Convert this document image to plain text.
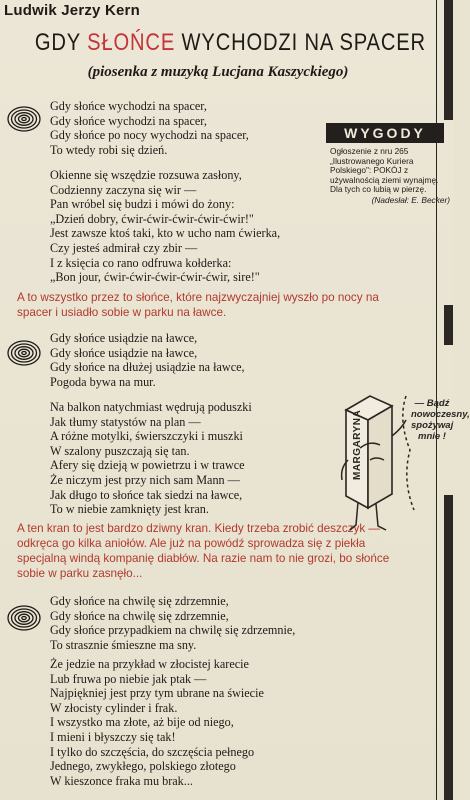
Ludwik Jerzy Kern
GDY SŁOŃCE WYCHODZI NA SPACER
(piosenka z muzyką Lucjana Kaszyckiego)
Gdy słońce wychodzi na spacer,
Gdy słońce wychodzi na spacer,
Gdy słońce po nocy wychodzi na spacer,
To wtedy robi się dzień.
Okienne się wszędzie rozsuwa zasłony,
Codzienny zaczyna się wir —
Pan wróbel się budzi i mówi do żony:
„Dzień dobry, ćwir-ćwir-ćwir-ćwir-ćwir!"
Jest zawsze ktoś taki, kto w ucho nam ćwierka,
Czy jesteś admirał czy zbir —
I z księcia co rano odfruwa kołderka:
„Bon jour, ćwir-ćwir-ćwir-ćwir-ćwir, sire!"
A to wszystko przez to słońce, które najzwyczajniej wyszło po nocy na spacer i usiadło sobie w parku na ławce.
Gdy słońce usiądzie na ławce,
Gdy słońce usiądzie na ławce,
Gdy słońce na dłużej usiądzie na ławce,
Pogoda bywa na mur.
Na balkon natychmiast wędrują poduszki
Jak tłumy statystów na plan —
A różne motylki, świerszczyki i muszki
W szalony puszczają się tan.
Afery się dzieją w powietrzu i w trawce
Że niczym jest przy nich sam Mann —
Jak długo to słońce tak siedzi na ławce,
To w niebie zamknięty jest kran.
A ten kran to jest bardzo dziwny kran. Kiedy trzeba zrobić deszczyk — odkręca go kilka aniołów. Ale już na powódź sprowadza się z piekła specjalną windą kompanię diabłów. Na razie nam to nie grozi, bo słońce sobie w parku zasnęło...
Gdy słońce na chwilę się zdrzemnie,
Gdy słońce na chwilę się zdrzemnie,
Gdy słońce przypadkiem na chwilę się zdrzemnie,
To strasznie śmieszne ma sny.
Że jedzie na przykład w złocistej karecie
Lub fruwa po niebie jak ptak —
Najpiękniej jest przy tym ubrane na świecie
W złocisty cylinder i frak.
I wszystko ma złote, aż bije od niego,
I mieni i błyszczy się tak!
I tylko do szczęścia, do szczęścia pełnego
Jednego, zwykłego, polskiego złotego
W kieszonce fraka mu brak...
WYGODY
Ogłoszenie z nru 265 „Ilustrowanego Kuriera Polskiego": POKÓJ z używalnością ziemi wynajmę. Dla tych co lubią w pierzę.
(Nadesłał: E. Becker)
— Bądź nowoczesny, spożywaj mnie !
MARGARYNA
